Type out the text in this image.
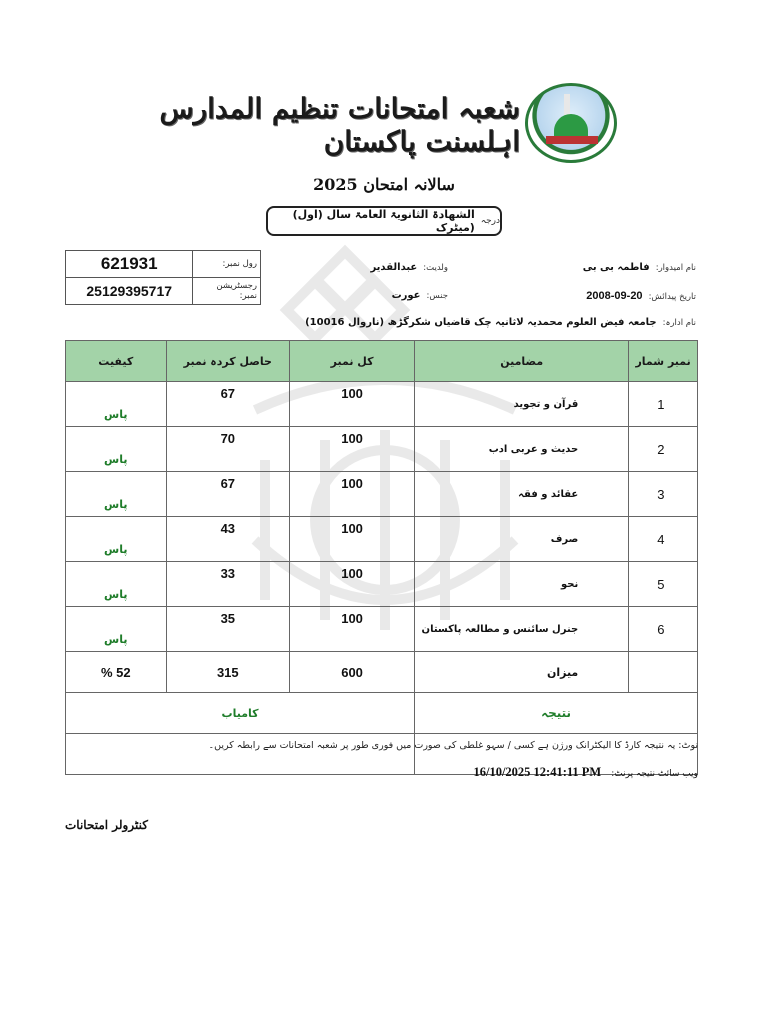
شعبہ امتحانات تنظیم المدارس اہلسنت پاکستان
سالانہ امتحان 2025
درجہ
الشھادۃ الثانویۃ العامۃ سال (اول) (میٹرک
621931	رول نمبر:
25129395717	رجسٹریشن نمبر:
نام امیدوار:فاطمہ بی بی
ولدیت:عبدالقدیر
تاریخ پیدائش:20-09-2008
جنس:عورت
نام ادارہ:جامعہ فیض العلوم محمدیہ لاثانیہ چک قاضیاں شکرگڑھ (ناروال 10016)
نمبر شمار	مضامین	کل نمبر	حاصل کردہ نمبر	کیفیت
1	قرآن و تجوید	100	67	پاس
2	حدیث و عربی ادب	100	70	پاس
3	عقائد و فقہ	100	67	پاس
4	صرف	100	43	پاس
5	نحو	100	33	پاس
6	جنرل سائنس و مطالعہ پاکستان	100	35	پاس
	میزان	600	315	52 %
نتیجہ		کامیاب		

نوٹ: یہ نتیجہ کارڈ کا الیکٹرانک ورژن ہے کسی / سہو غلطی کی صورت میں فوری طور پر شعبہ امتحانات سے رابطہ کریں۔
ویب سائٹ نتیجہ پرنٹ:16/10/2025 12:41:11 PM
کنٹرولر امتحانات
